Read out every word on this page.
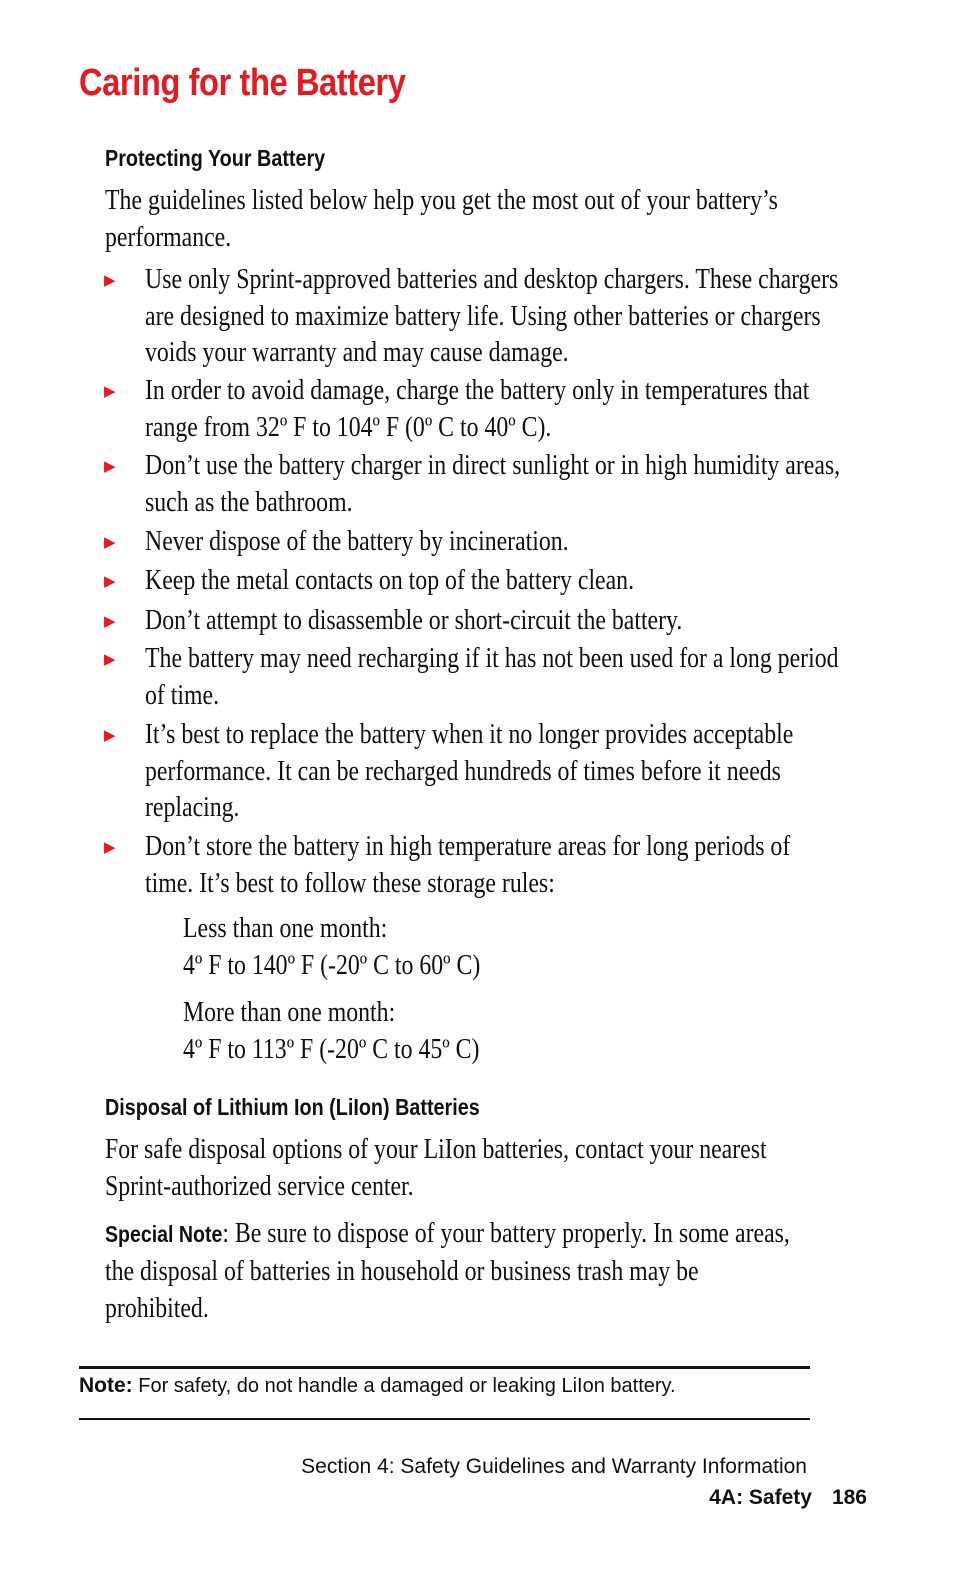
Caring for the Battery
Protecting Your Battery
The guidelines listed below help you get the most out of your battery’s performance.
▶ Use only Sprint-approved batteries and desktop chargers. These chargers are designed to maximize battery life. Using other batteries or chargers voids your warranty and may cause damage.
▶ In order to avoid damage, charge the battery only in temperatures that range from 32º F to 104º F (0º C to 40º C).
▶ Don’t use the battery charger in direct sunlight or in high humidity areas, such as the bathroom.
▶ Never dispose of the battery by incineration.
▶ Keep the metal contacts on top of the battery clean.
▶ Don’t attempt to disassemble or short-circuit the battery.
▶ The battery may need recharging if it has not been used for a long period of time.
▶ It’s best to replace the battery when it no longer provides acceptable performance. It can be recharged hundreds of times before it needs replacing.
▶ Don’t store the battery in high temperature areas for long periods of time. It’s best to follow these storage rules:
Less than one month:
4º F to 140º F (-20º C to 60º C)
More than one month:
4º F to 113º F (-20º C to 45º C)
Disposal of Lithium Ion (LiIon) Batteries
For safe disposal options of your LiIon batteries, contact your nearest Sprint-authorized service center.
Special Note: Be sure to dispose of your battery properly. In some areas, the disposal of batteries in household or business trash may be prohibited.
Note: For safety, do not handle a damaged or leaking LiIon battery.
Section 4: Safety Guidelines and Warranty Information
4A: Safety 186
